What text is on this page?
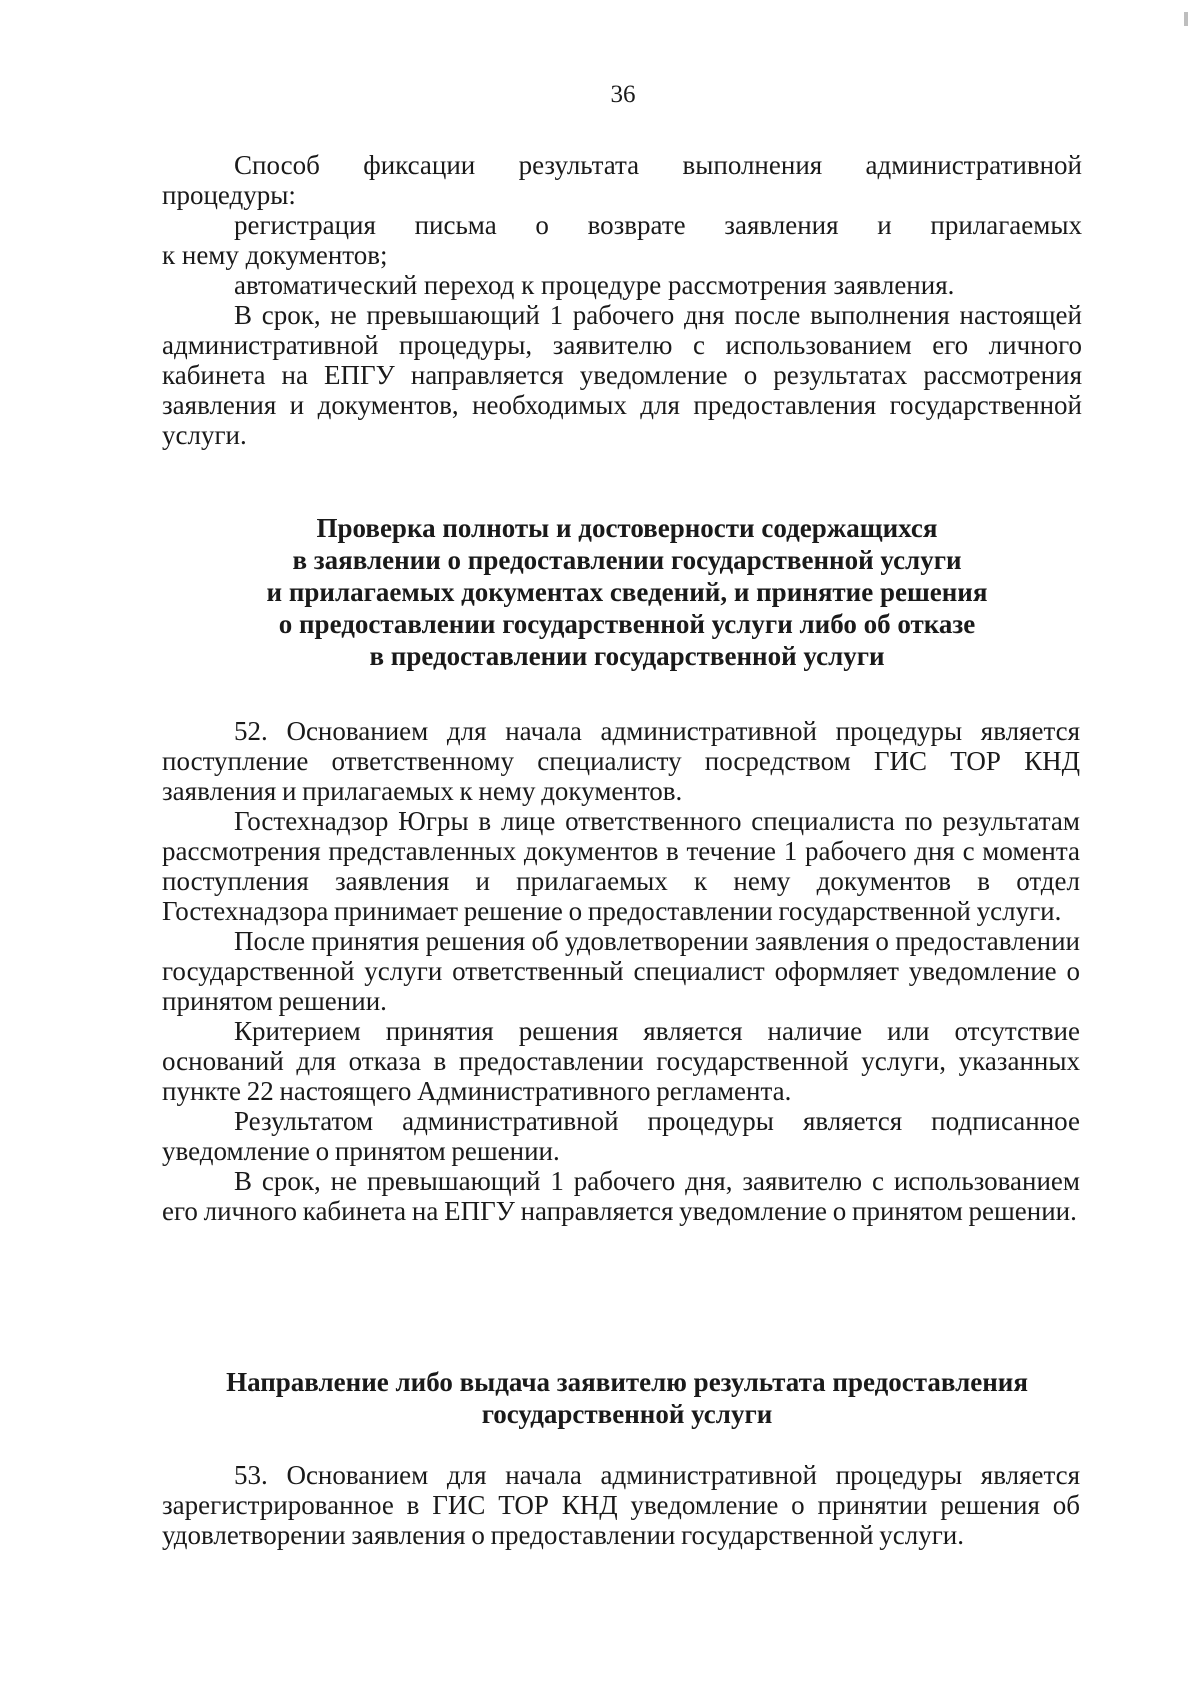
36
Способ фиксации результата выполнения административной
процедуры:
регистрация письма о возврате заявления и прилагаемых
к нему документов;
автоматический переход к процедуре рассмотрения заявления.

В срок, не превышающий 1 рабочего дня после выполнения настоящей административной процедуры, заявителю с использованием его личного кабинета на ЕПГУ направляется уведомление о результатах рассмотрения заявления и документов, необходимых для предоставления государственной услуги.

Проверка полноты и достоверности содержащихся

в заявлении о предоставлении государственной услуги

и прилагаемых документах сведений, и принятие решения

о предоставлении государственной услуги либо об отказе

в предоставлении государственной услуги

52. Основанием для начала административной процедуры является поступление ответственному специалисту посредством ГИС ТОР КНД заявления и прилагаемых к нему документов.

Гостехнадзор Югры в лице ответственного специалиста по результатам рассмотрения представленных документов в течение 1 рабочего дня с момента поступления заявления и прилагаемых к нему документов в отдел Гостехнадзора принимает решение о предоставлении государственной услуги.

После принятия решения об удовлетворении заявления о предоставлении государственной услуги ответственный специалист оформляет уведомление о принятом решении.

Критерием принятия решения является наличие или отсутствие оснований для отказа в предоставлении государственной услуги, указанных пункте 22 настоящего Административного регламента.

Результатом административной процедуры является подписанное уведомление о принятом решении.

В срок, не превышающий 1 рабочего дня, заявителю с использованием его личного кабинета на ЕПГУ направляется уведомление о принятом решении.

Направление либо выдача заявителю результата предоставления

государственной услуги

53. Основанием для начала административной процедуры является зарегистрированное в ГИС ТОР КНД уведомление о принятии решения об удовлетворении заявления о предоставлении государственной услуги.
